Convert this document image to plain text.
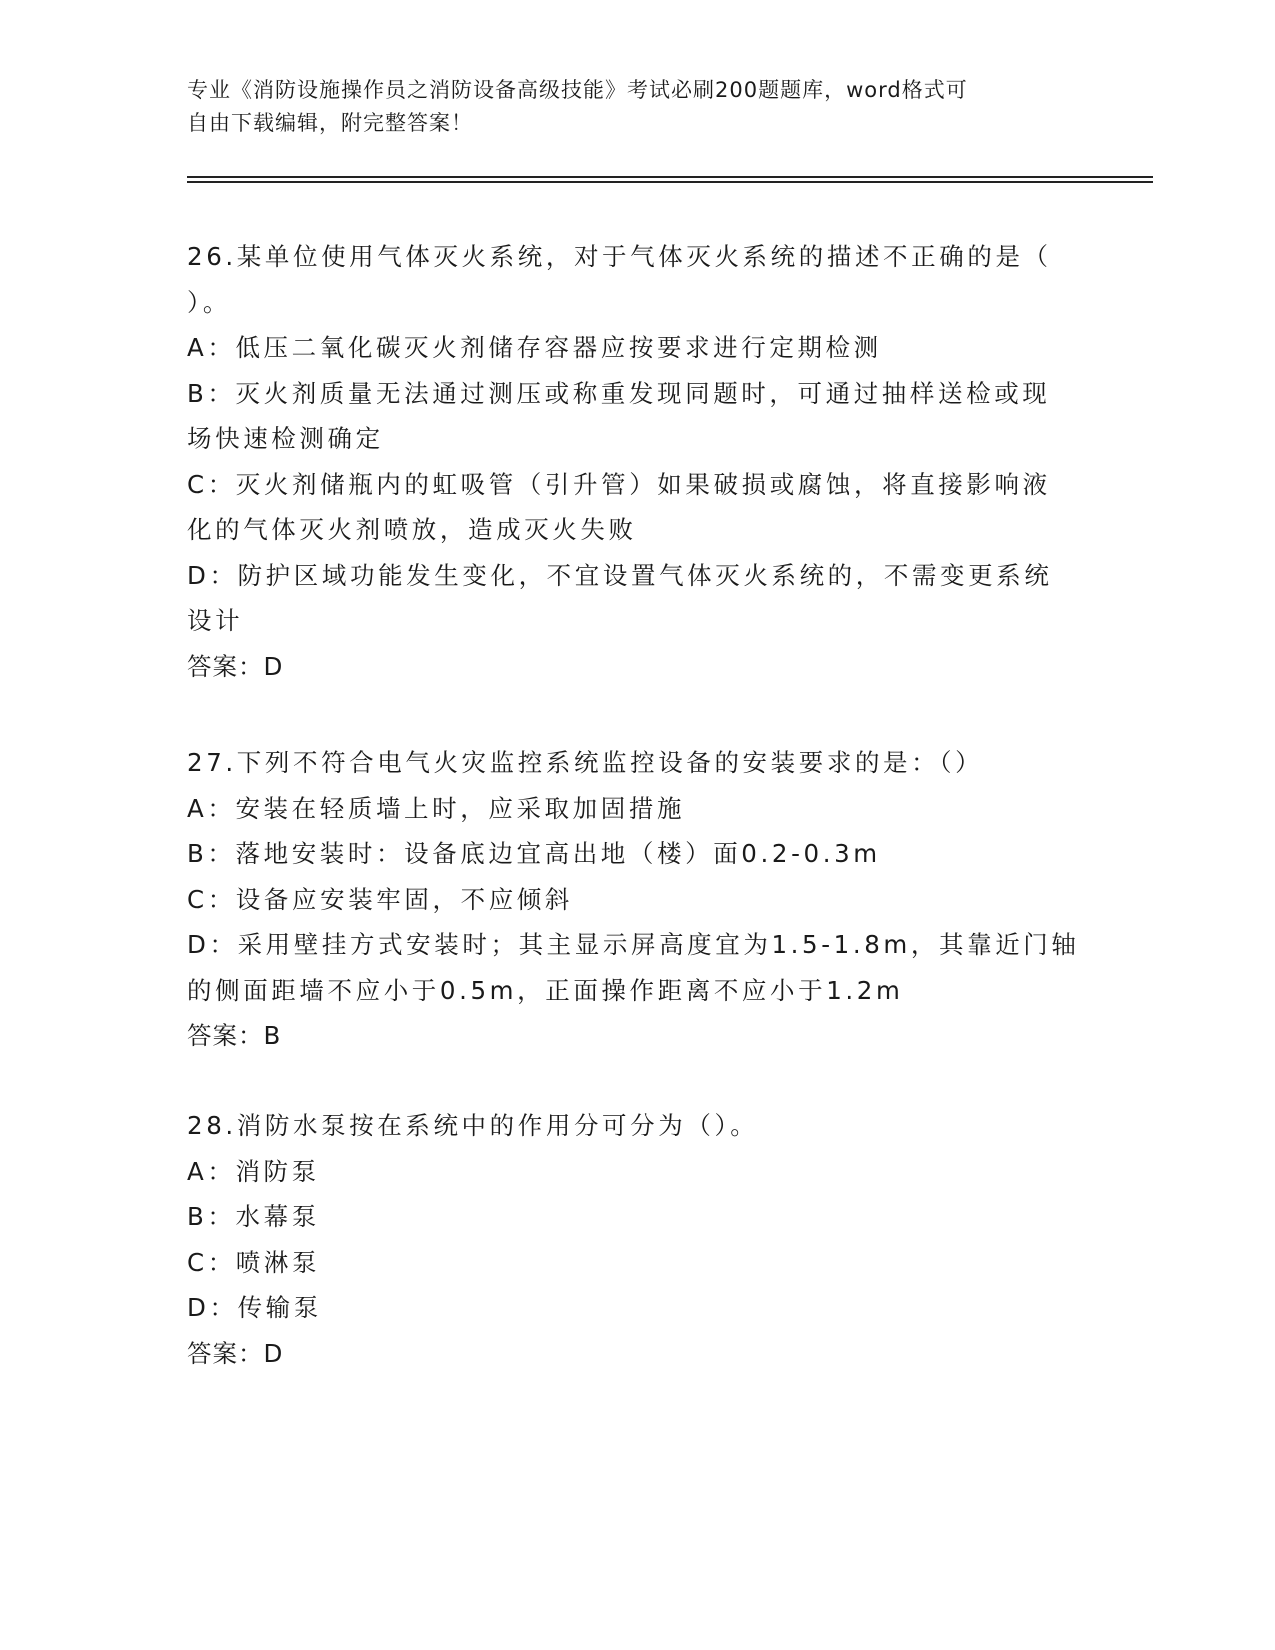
专业《消防设施操作员之消防设备高级技能》考试必刷200题题库，word格式可
自由下载编辑，附完整答案！
26.某单位使用气体灭火系统，对于气体灭火系统的描述不正确的是（
）。
A：低压二氧化碳灭火剂储存容器应按要求进行定期检测
B：灭火剂质量无法通过测压或称重发现同题时，可通过抽样送检或现
场快速检测确定
C：灭火剂储瓶内的虹吸管（引升管）如果破损或腐蚀，将直接影响液
化的气体灭火剂喷放，造成灭火失败
D：防护区域功能发生变化，不宜设置气体灭火系统的，不需变更系统
设计
答案：D
27.下列不符合电气火灾监控系统监控设备的安装要求的是：（）
A：安装在轻质墙上时，应采取加固措施
B：落地安装时：设备底边宜高出地（楼）面0.2-0.3m
C：设备应安装牢固，不应倾斜
D：采用壁挂方式安装时；其主显示屏高度宜为1.5-1.8m，其靠近门轴
的侧面距墙不应小于0.5m，正面操作距离不应小于1.2m
答案：B
28.消防水泵按在系统中的作用分可分为（）。
A：消防泵
B：水幕泵
C：喷淋泵
D：传输泵
答案：D
